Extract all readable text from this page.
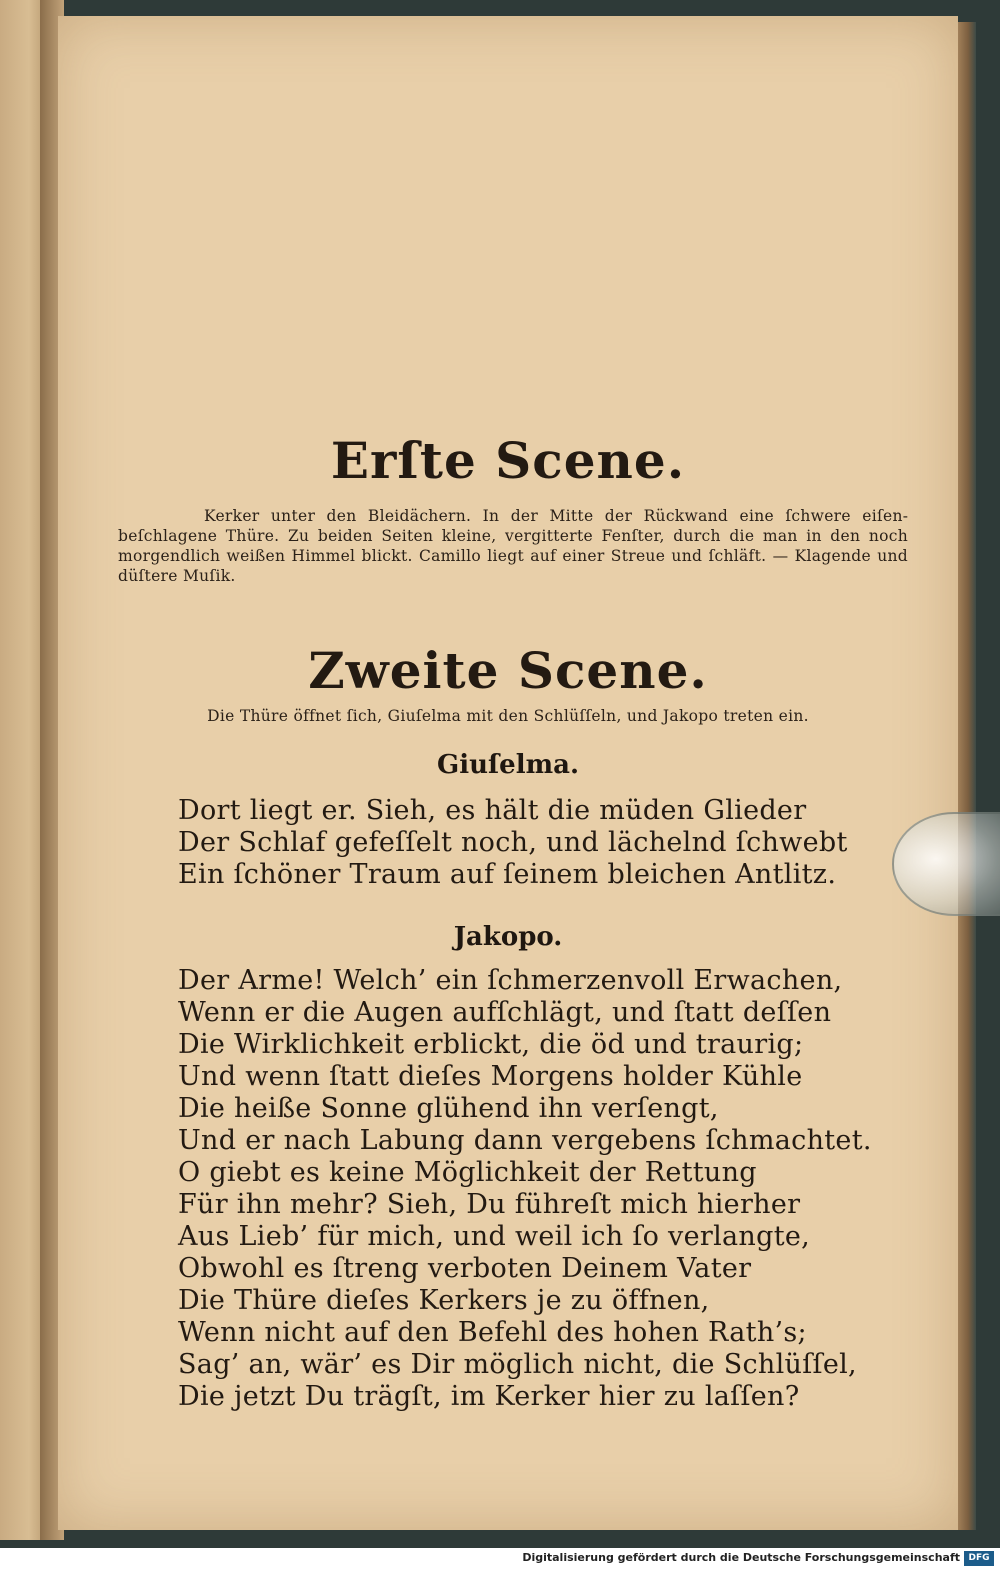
Erſte Scene.
Kerker unter den Bleidächern. In der Mitte der Rückwand eine ſchwere eiſenbeſchlagene Thüre. Zu beiden Seiten kleine, vergitterte Fenſter, durch die man in den noch morgendlich weißen Himmel blickt. Camillo liegt auf einer Streue und ſchläft. — Klagende und düſtere Muſik.
Zweite Scene.
Die Thüre öffnet ſich, Giuſelma mit den Schlüſſeln, und Jakopo treten ein.
Giuſelma.
Dort liegt er. Sieh, es hält die müden Glieder
Der Schlaf gefeſſelt noch, und lächelnd ſchwebt
Ein ſchöner Traum auf ſeinem bleichen Antlitz.
Jakopo.
Der Arme! Welch’ ein ſchmerzenvoll Erwachen,
Wenn er die Augen aufſchlägt, und ſtatt deſſen
Die Wirklichkeit erblickt, die öd und traurig;
Und wenn ſtatt dieſes Morgens holder Kühle
Die heiße Sonne glühend ihn verſengt,
Und er nach Labung dann vergebens ſchmachtet.
O giebt es keine Möglichkeit der Rettung
Für ihn mehr? Sieh, Du führeſt mich hierher
Aus Lieb’ für mich, und weil ich ſo verlangte,
Obwohl es ſtreng verboten Deinem Vater
Die Thüre dieſes Kerkers je zu öffnen,
Wenn nicht auf den Befehl des hohen Rath’s;
Sag’ an, wär’ es Dir möglich nicht, die Schlüſſel,
Die jetzt Du trägſt, im Kerker hier zu laſſen?
Digitalisierung gefördert durch die Deutsche Forschungsgemeinschaft DFG
